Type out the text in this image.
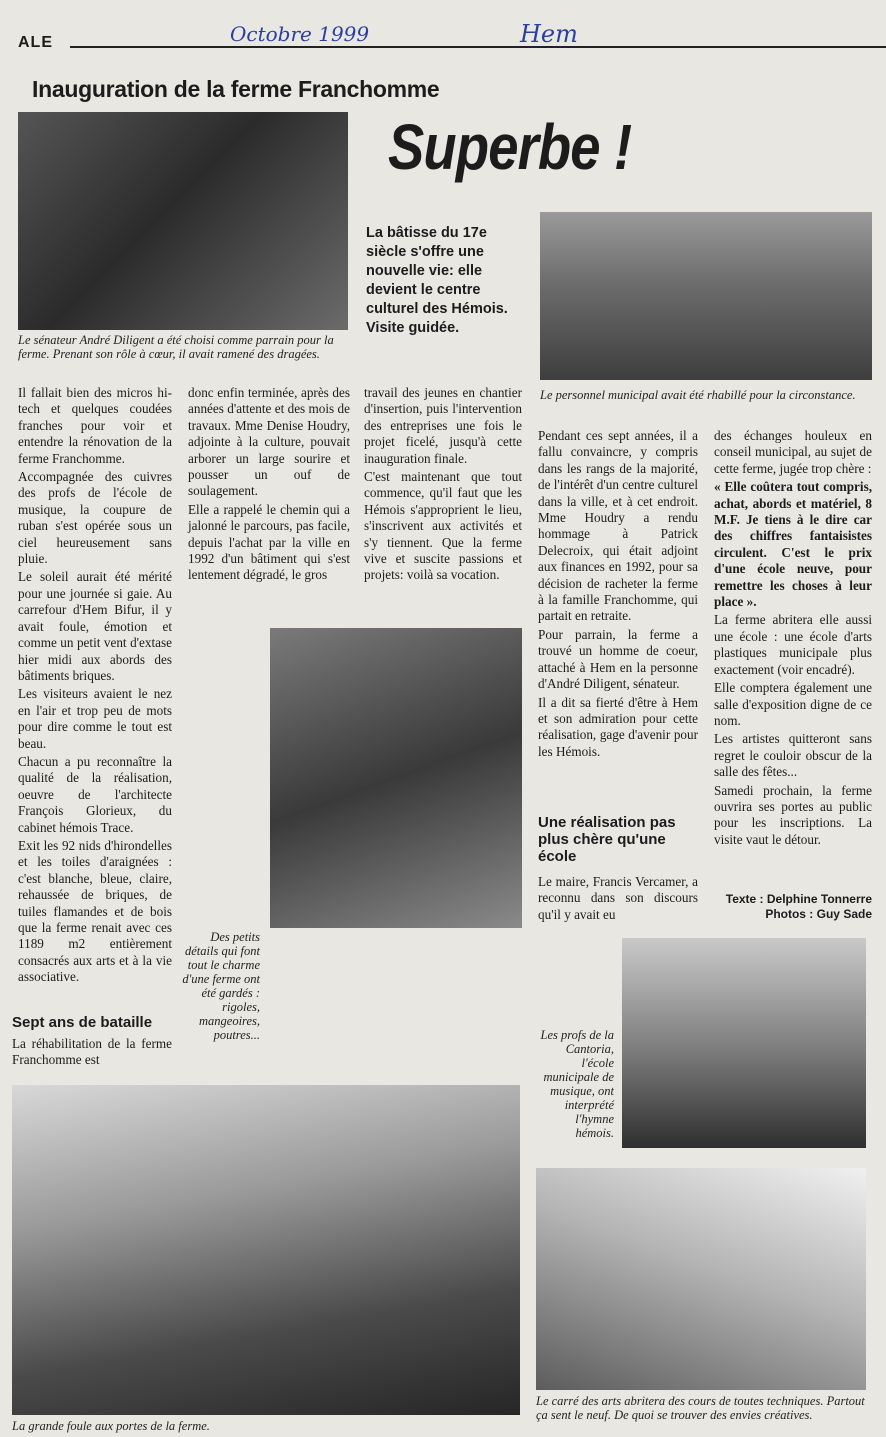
ALE	Octobre 1999	Hem
Inauguration de la ferme Franchomme
Le sénateur André Diligent a été choisi comme parrain pour la ferme. Prenant son rôle à cœur, il avait ramené des dragées.
Superbe !
La bâtisse du 17e siècle s'offre une nouvelle vie: elle devient le centre culturel des Hémois. Visite guidée.
Le personnel municipal avait été rhabillé pour la circonstance.

Il fallait bien des micros hi-tech et quelques coudées franches pour voir et entendre la rénovation de la ferme Franchomme.

Accompagnée des cuivres des profs de l'école de musique, la coupure de ruban s'est opérée sous un ciel heureusement sans pluie.

Le soleil aurait été mérité pour une journée si gaie. Au carrefour d'Hem Bifur, il y avait foule, émotion et comme un petit vent d'extase hier midi aux abords des bâtiments briques.

Les visiteurs avaient le nez en l'air et trop peu de mots pour dire comme le tout est beau.

Chacun a pu reconnaître la qualité de la réalisation, oeuvre de l'architecte François Glorieux, du cabinet hémois Trace.

Exit les 92 nids d'hirondelles et les toiles d'araignées : c'est blanche, bleue, claire, rehaussée de briques, de tuiles flamandes et de bois que la ferme renait avec ces 1189 m2 entièrement consacrés aux arts et à la vie associative.

Sept ans de bataille
La réhabilitation de la ferme Franchomme est

donc enfin terminée, après des années d'attente et des mois de travaux. Mme Denise Houdry, adjointe à la culture, pouvait arborer un large sourire et pousser un ouf de soulagement.

Elle a rappelé le chemin qui a jalonné le parcours, pas facile, depuis l'achat par la ville en 1992 d'un bâtiment qui s'est lentement dégradé, le gros

travail des jeunes en chantier d'insertion, puis l'intervention des entreprises une fois le projet ficelé, jusqu'à cette inauguration finale.

C'est maintenant que tout commence, qu'il faut que les Hémois s'approprient le lieu, s'inscrivent aux activités et s'y tiennent. Que la ferme vive et suscite passions et projets: voilà sa vocation.

Des petits détails qui font tout le charme d'une ferme ont été gardés : rigoles, mangeoires, poutres...

Pendant ces sept années, il a fallu convaincre, y compris dans les rangs de la majorité, de l'intérêt d'un centre culturel dans la ville, et à cet endroit. Mme Houdry a rendu hommage à Patrick Delecroix, qui était adjoint aux finances en 1992, pour sa décision de racheter la ferme à la famille Franchomme, qui partait en retraite.

Pour parrain, la ferme a trouvé un homme de coeur, attaché à Hem en la personne d'André Diligent, sénateur.

Il a dit sa fierté d'être à Hem et son admiration pour cette réalisation, gage d'avenir pour les Hémois.

Une réalisation pas plus chère qu'une école
Le maire, Francis Vercamer, a reconnu dans son discours qu'il y avait eu

des échanges houleux en conseil municipal, au sujet de cette ferme, jugée trop chère :

« Elle coûtera tout compris, achat, abords et matériel, 8 M.F. Je tiens à le dire car des chiffres fantaisistes circulent. C'est le prix d'une école neuve, pour remettre les choses à leur place ».

La ferme abritera elle aussi une école : une école d'arts plastiques municipale plus exactement (voir encadré).

Elle comptera également une salle d'exposition digne de ce nom.

Les artistes quitteront sans regret le couloir obscur de la salle des fêtes...

Samedi prochain, la ferme ouvrira ses portes au public pour les inscriptions. La visite vaut le détour.

Texte : Delphine Tonnerre
Photos : Guy Sade
Les profs de la Cantoria, l'école municipale de musique, ont interprété l'hymne hémois.
La grande foule aux portes de la ferme.
Le carré des arts abritera des cours de toutes techniques. Partout ça sent le neuf. De quoi se trouver des envies créatives.
